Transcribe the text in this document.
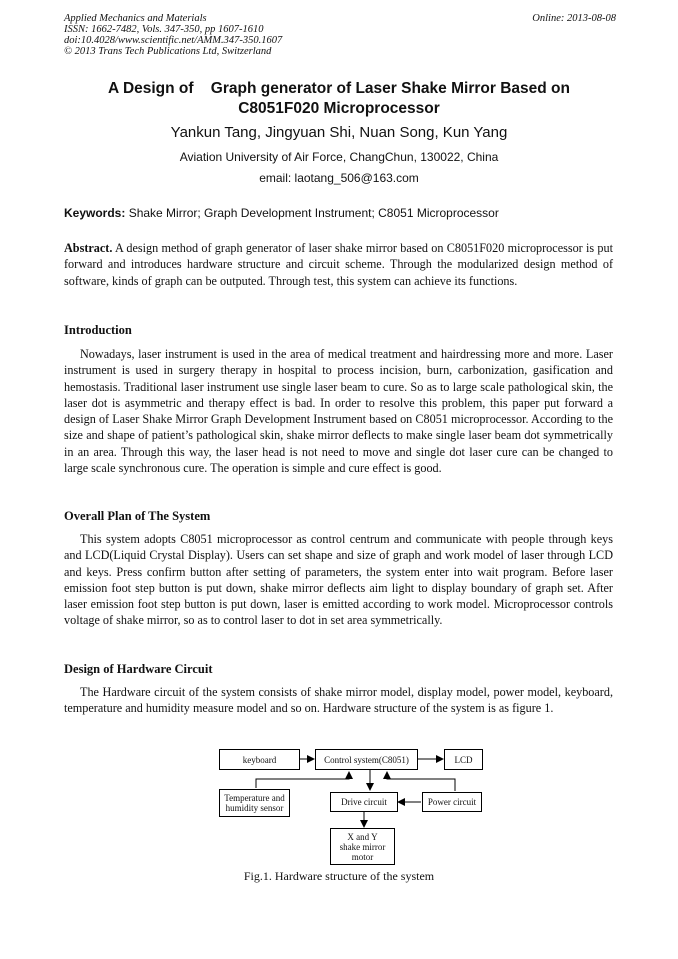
Applied Mechanics and Materials
ISSN: 1662-7482, Vols. 347-350, pp 1607-1610
doi:10.4028/www.scientific.net/AMM.347-350.1607
© 2013 Trans Tech Publications Ltd, Switzerland
Online: 2013-08-08
A Design of    Graph generator of Laser Shake Mirror Based on
C8051F020 Microprocessor
Yankun Tang, Jingyuan Shi, Nuan Song, Kun Yang
Aviation University of Air Force, ChangChun, 130022, China
email: laotang_506@163.com
Keywords: Shake Mirror; Graph Development Instrument; C8051 Microprocessor
Abstract. A design method of graph generator of laser shake mirror based on C8051F020 microprocessor is put forward and introduces hardware structure and circuit scheme. Through the modularized design method of software, kinds of graph can be outputed. Through test, this system can achieve its functions.
Introduction
Nowadays, laser instrument is used in the area of medical treatment and hairdressing more and more. Laser instrument is used in surgery therapy in hospital to process incision, burn, carbonization, gasification and hemostasis. Traditional laser instrument use single laser beam to cure. So as to large scale pathological skin, the laser dot is asymmetric and therapy effect is bad. In order to resolve this problem, this paper put forward a design of Laser Shake Mirror Graph Development Instrument based on C8051 microprocessor. According to the size and shape of patient’s pathological skin, shake mirror deflects to make single laser beam dot symmetrically in an area. Through this way, the laser head is not need to move and single dot laser cure can be changed to large scale synchronous cure. The operation is simple and cure effect is good.
Overall Plan of The System
This system adopts C8051 microprocessor as control centrum and communicate with people through keys and LCD(Liquid Crystal Display). Users can set shape and size of graph and work model of laser through LCD and keys. Press confirm button after setting of parameters, the system enter into wait program. Before laser emission foot step button is put down, shake mirror deflects aim light to display boundary of graph set. After laser emission foot step button is put down, laser is emitted according to work model. Microprocessor controls voltage of shake mirror, so as to control laser to dot in set area symmetrically.
Design of Hardware Circuit
The Hardware circuit of the system consists of shake mirror model, display model, power model, keyboard, temperature and humidity measure model and so on. Hardware structure of the system is as figure 1.
keyboard	Control system(C8051)	LCD
Temperature and
humidity sensor
Drive circuit	Power circuit
X and Y
shake mirror
motor
Fig.1. Hardware structure of the system
